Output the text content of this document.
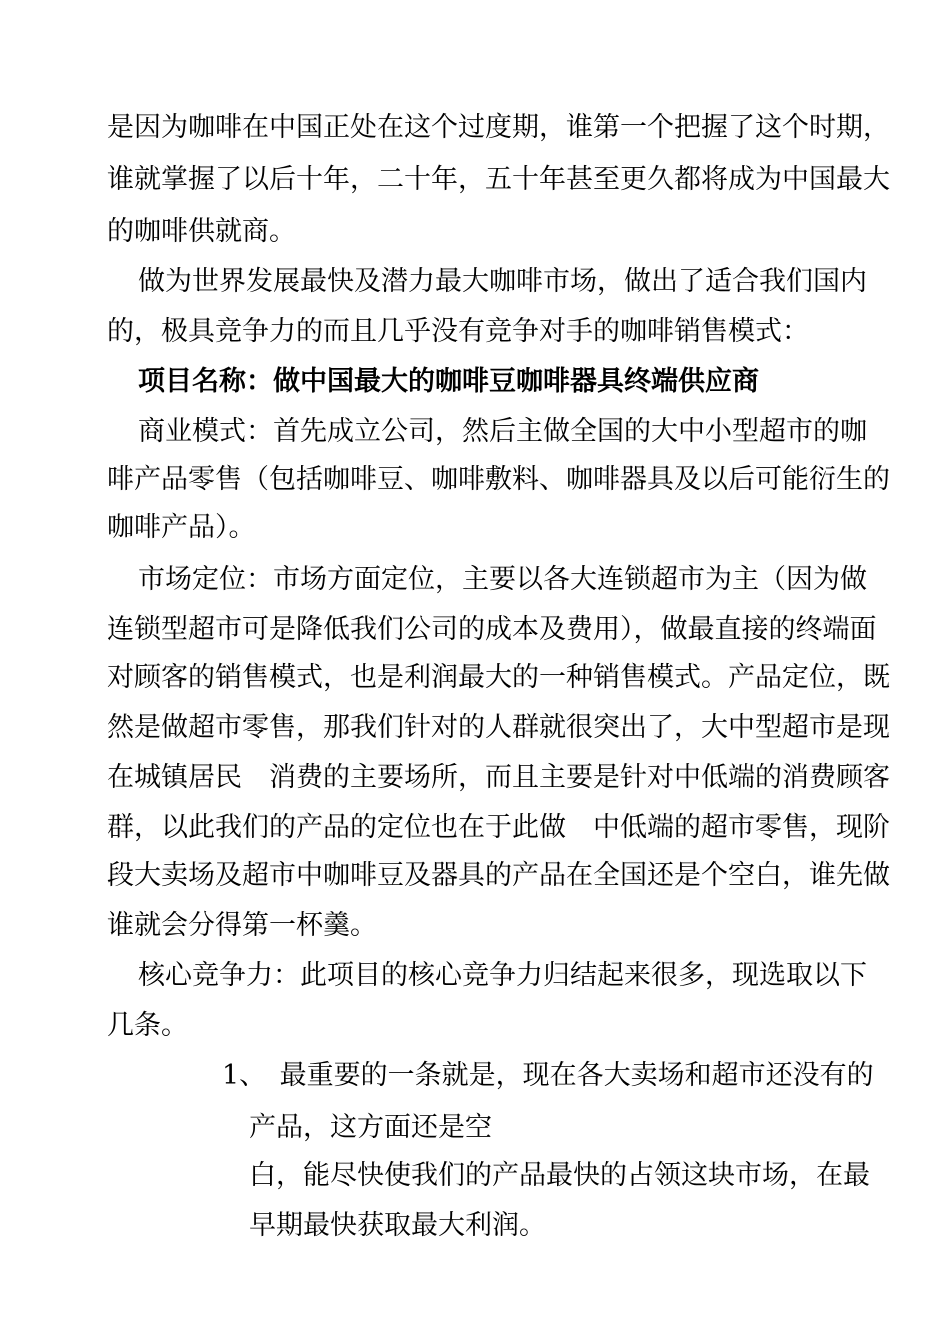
是因为咖啡在中国正处在这个过度期，谁第一个把握了这个时期，

谁就掌握了以后十年，二十年，五十年甚至更久都将成为中国最大

的咖啡供就商。

做为世界发展最快及潜力最大咖啡市场，做出了适合我们国内

的，极具竞争力的而且几乎没有竞争对手的咖啡销售模式：

项目名称：做中国最大的咖啡豆咖啡器具终端供应商

商业模式：首先成立公司，然后主做全国的大中小型超市的咖

啡产品零售（包括咖啡豆、咖啡敷料、咖啡器具及以后可能衍生的

咖啡产品）。

市场定位：市场方面定位，主要以各大连锁超市为主（因为做

连锁型超市可是降低我们公司的成本及费用），做最直接的终端面

对顾客的销售模式，也是利润最大的一种销售模式。产品定位，既

然是做超市零售，那我们针对的人群就很突出了，大中型超市是现

在城镇居民　消费的主要场所，而且主要是针对中低端的消费顾客

群，以此我们的产品的定位也在于此做　中低端的超市零售，现阶

段大卖场及超市中咖啡豆及器具的产品在全国还是个空白，谁先做

谁就会分得第一杯羹。

核心竞争力：此项目的核心竞争力归结起来很多，现选取以下

几条。

1、　最重要的一条就是，现在各大卖场和超市还没有的

产品，这方面还是空

白，能尽快使我们的产品最快的占领这块市场，在最

早期最快获取最大利润。
